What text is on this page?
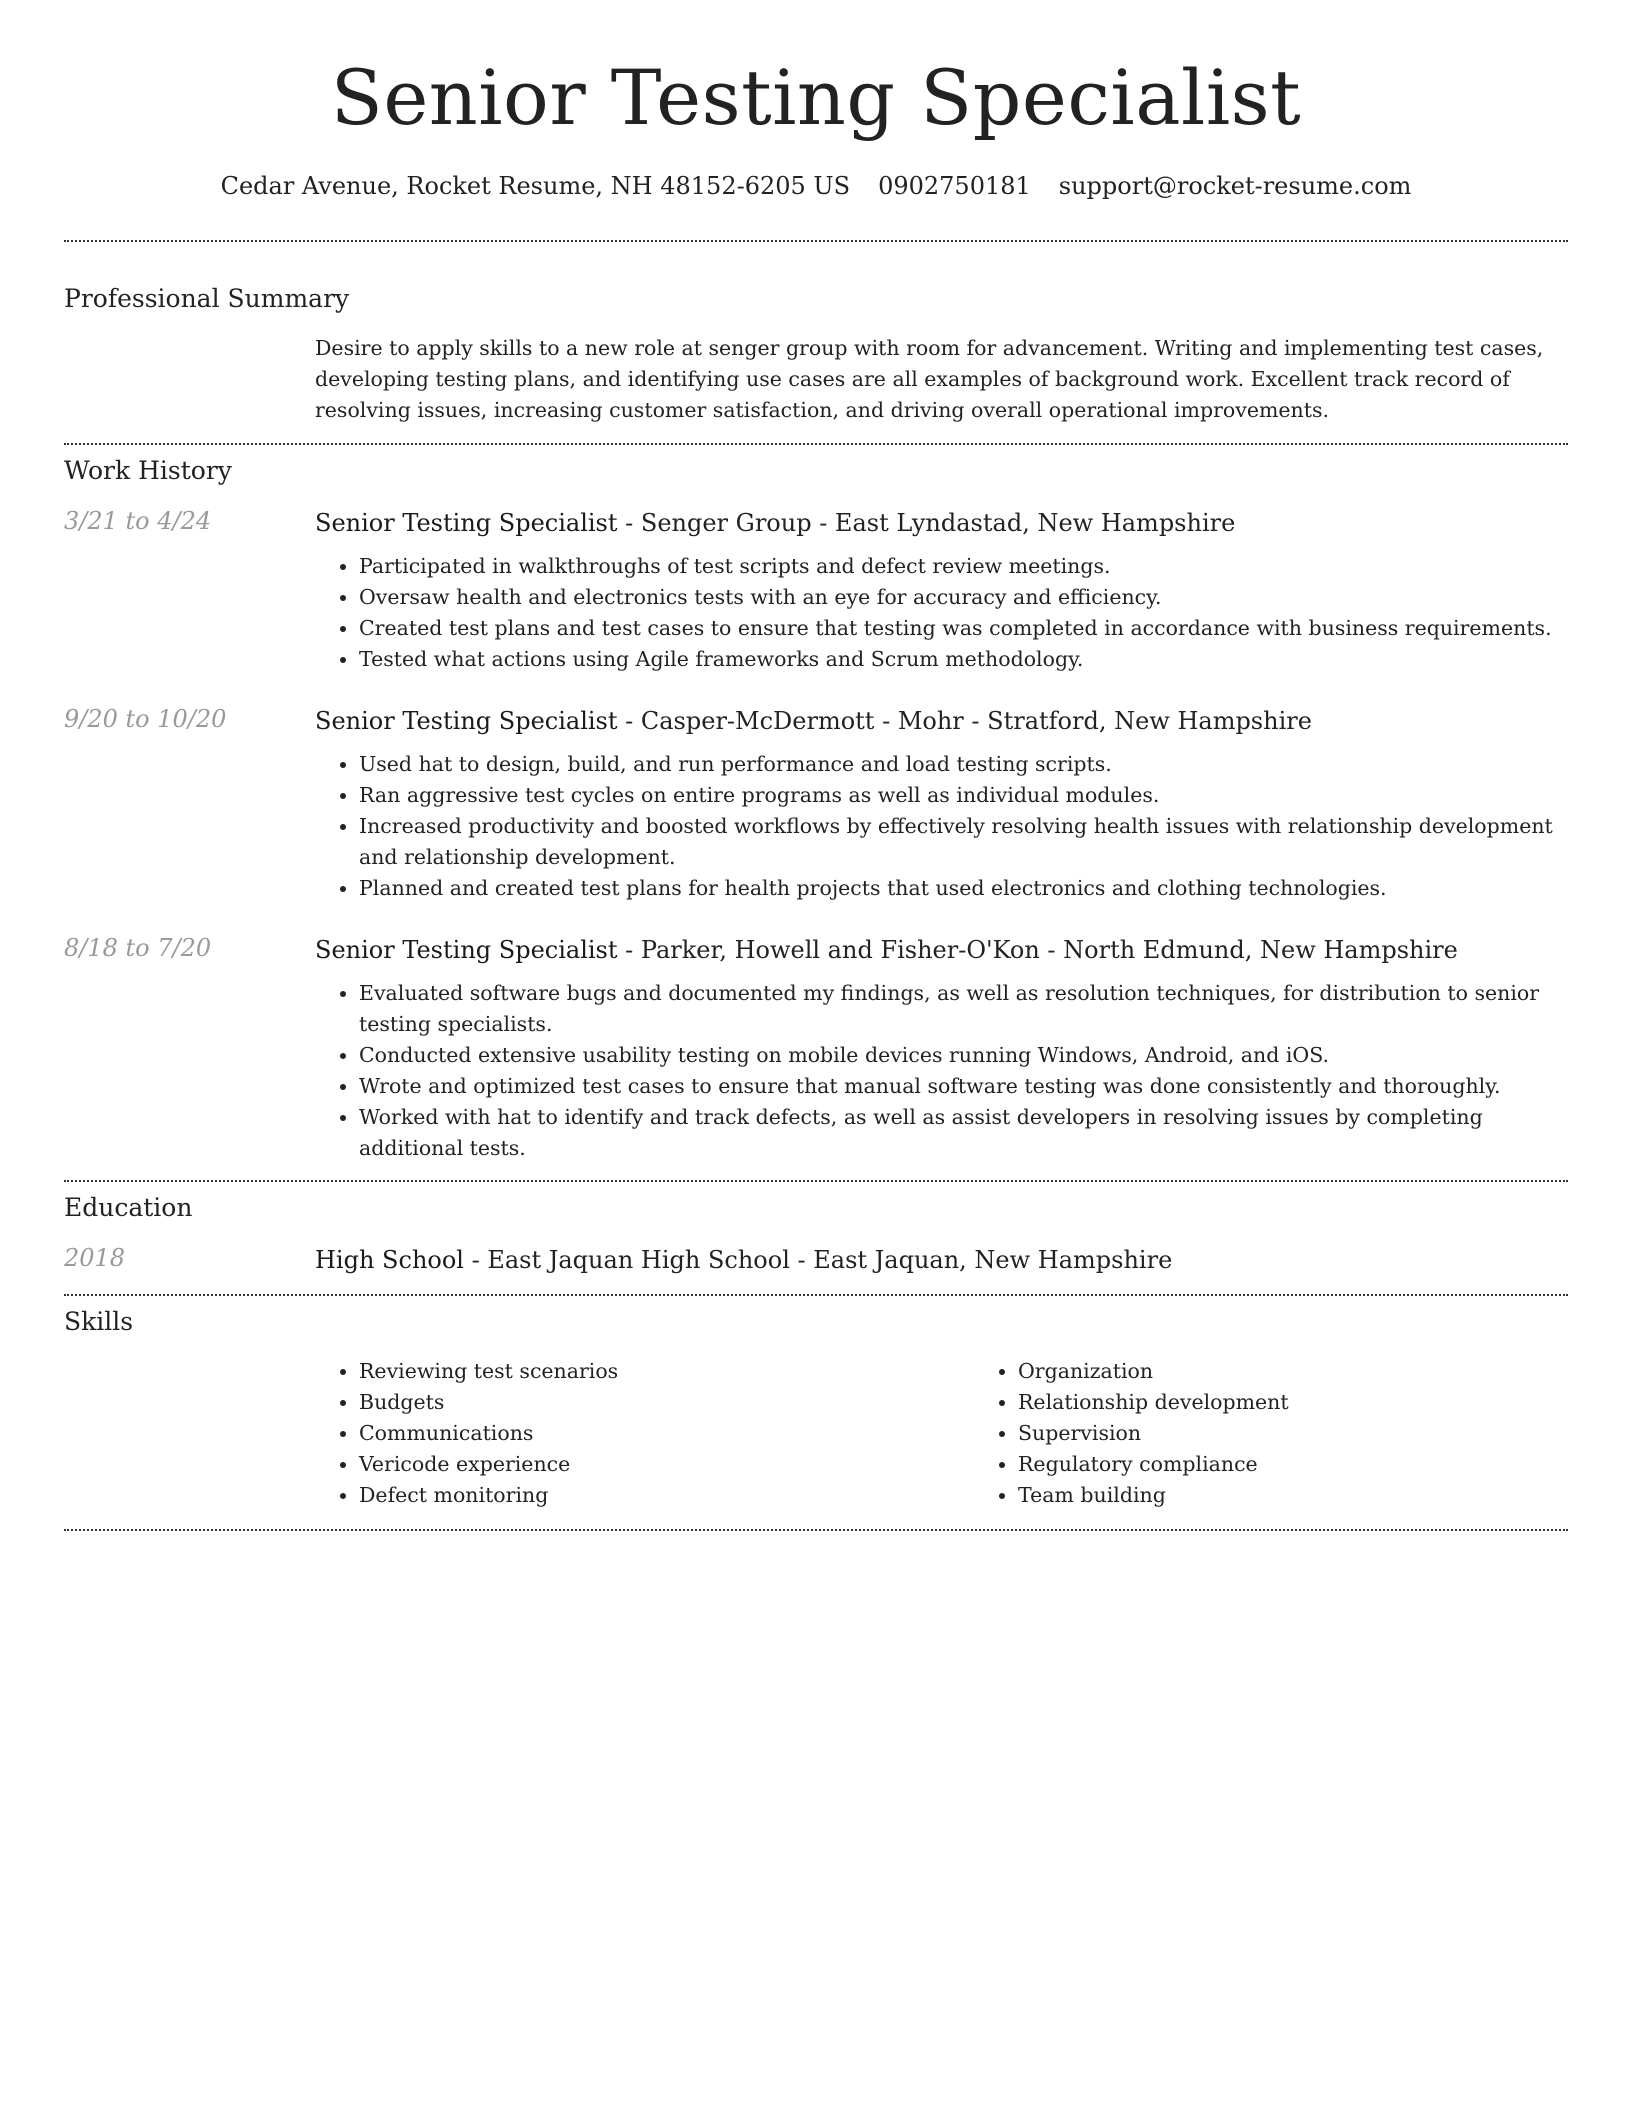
Senior Testing Specialist
Cedar Avenue, Rocket Resume, NH 48152-6205 US 0902750181 support@rocket-resume.com
Professional Summary

Desire to apply skills to a new role at senger group with room for advancement. Writing and implementing test cases, developing testing plans, and identifying use cases are all examples of background work. Excellent track record of resolving issues, increasing customer satisfaction, and driving overall operational improvements.

Work History
3/21 to 4/24	Senior Testing Specialist - Senger Group - East Lyndastad, New Hampshire

• Participated in walkthroughs of test scripts and defect review meetings.
• Oversaw health and electronics tests with an eye for accuracy and efficiency.
• Created test plans and test cases to ensure that testing was completed in accordance with business requirements.
• Tested what actions using Agile frameworks and Scrum methodology.
9/20 to 10/20	Senior Testing Specialist - Casper-McDermott - Mohr - Stratford, New Hampshire

• Used hat to design, build, and run performance and load testing scripts.
• Ran aggressive test cycles on entire programs as well as individual modules.
• Increased productivity and boosted workflows by effectively resolving health issues with relationship development and relationship development.
• Planned and created test plans for health projects that used electronics and clothing technologies.
8/18 to 7/20	Senior Testing Specialist - Parker, Howell and Fisher-O'Kon - North Edmund, New Hampshire

• Evaluated software bugs and documented my findings, as well as resolution techniques, for distribution to senior testing specialists.
• Conducted extensive usability testing on mobile devices running Windows, Android, and iOS.
• Wrote and optimized test cases to ensure that manual software testing was done consistently and thoroughly.
• Worked with hat to identify and track defects, as well as assist developers in resolving issues by completing additional tests.
Education
2018	High School - East Jaquan High School - East Jaquan, New Hampshire

Skills
• Reviewing test scenarios
• Budgets
• Communications
• Vericode experience
• Defect monitoring
• Organization
• Relationship development
• Supervision
• Regulatory compliance
• Team building
